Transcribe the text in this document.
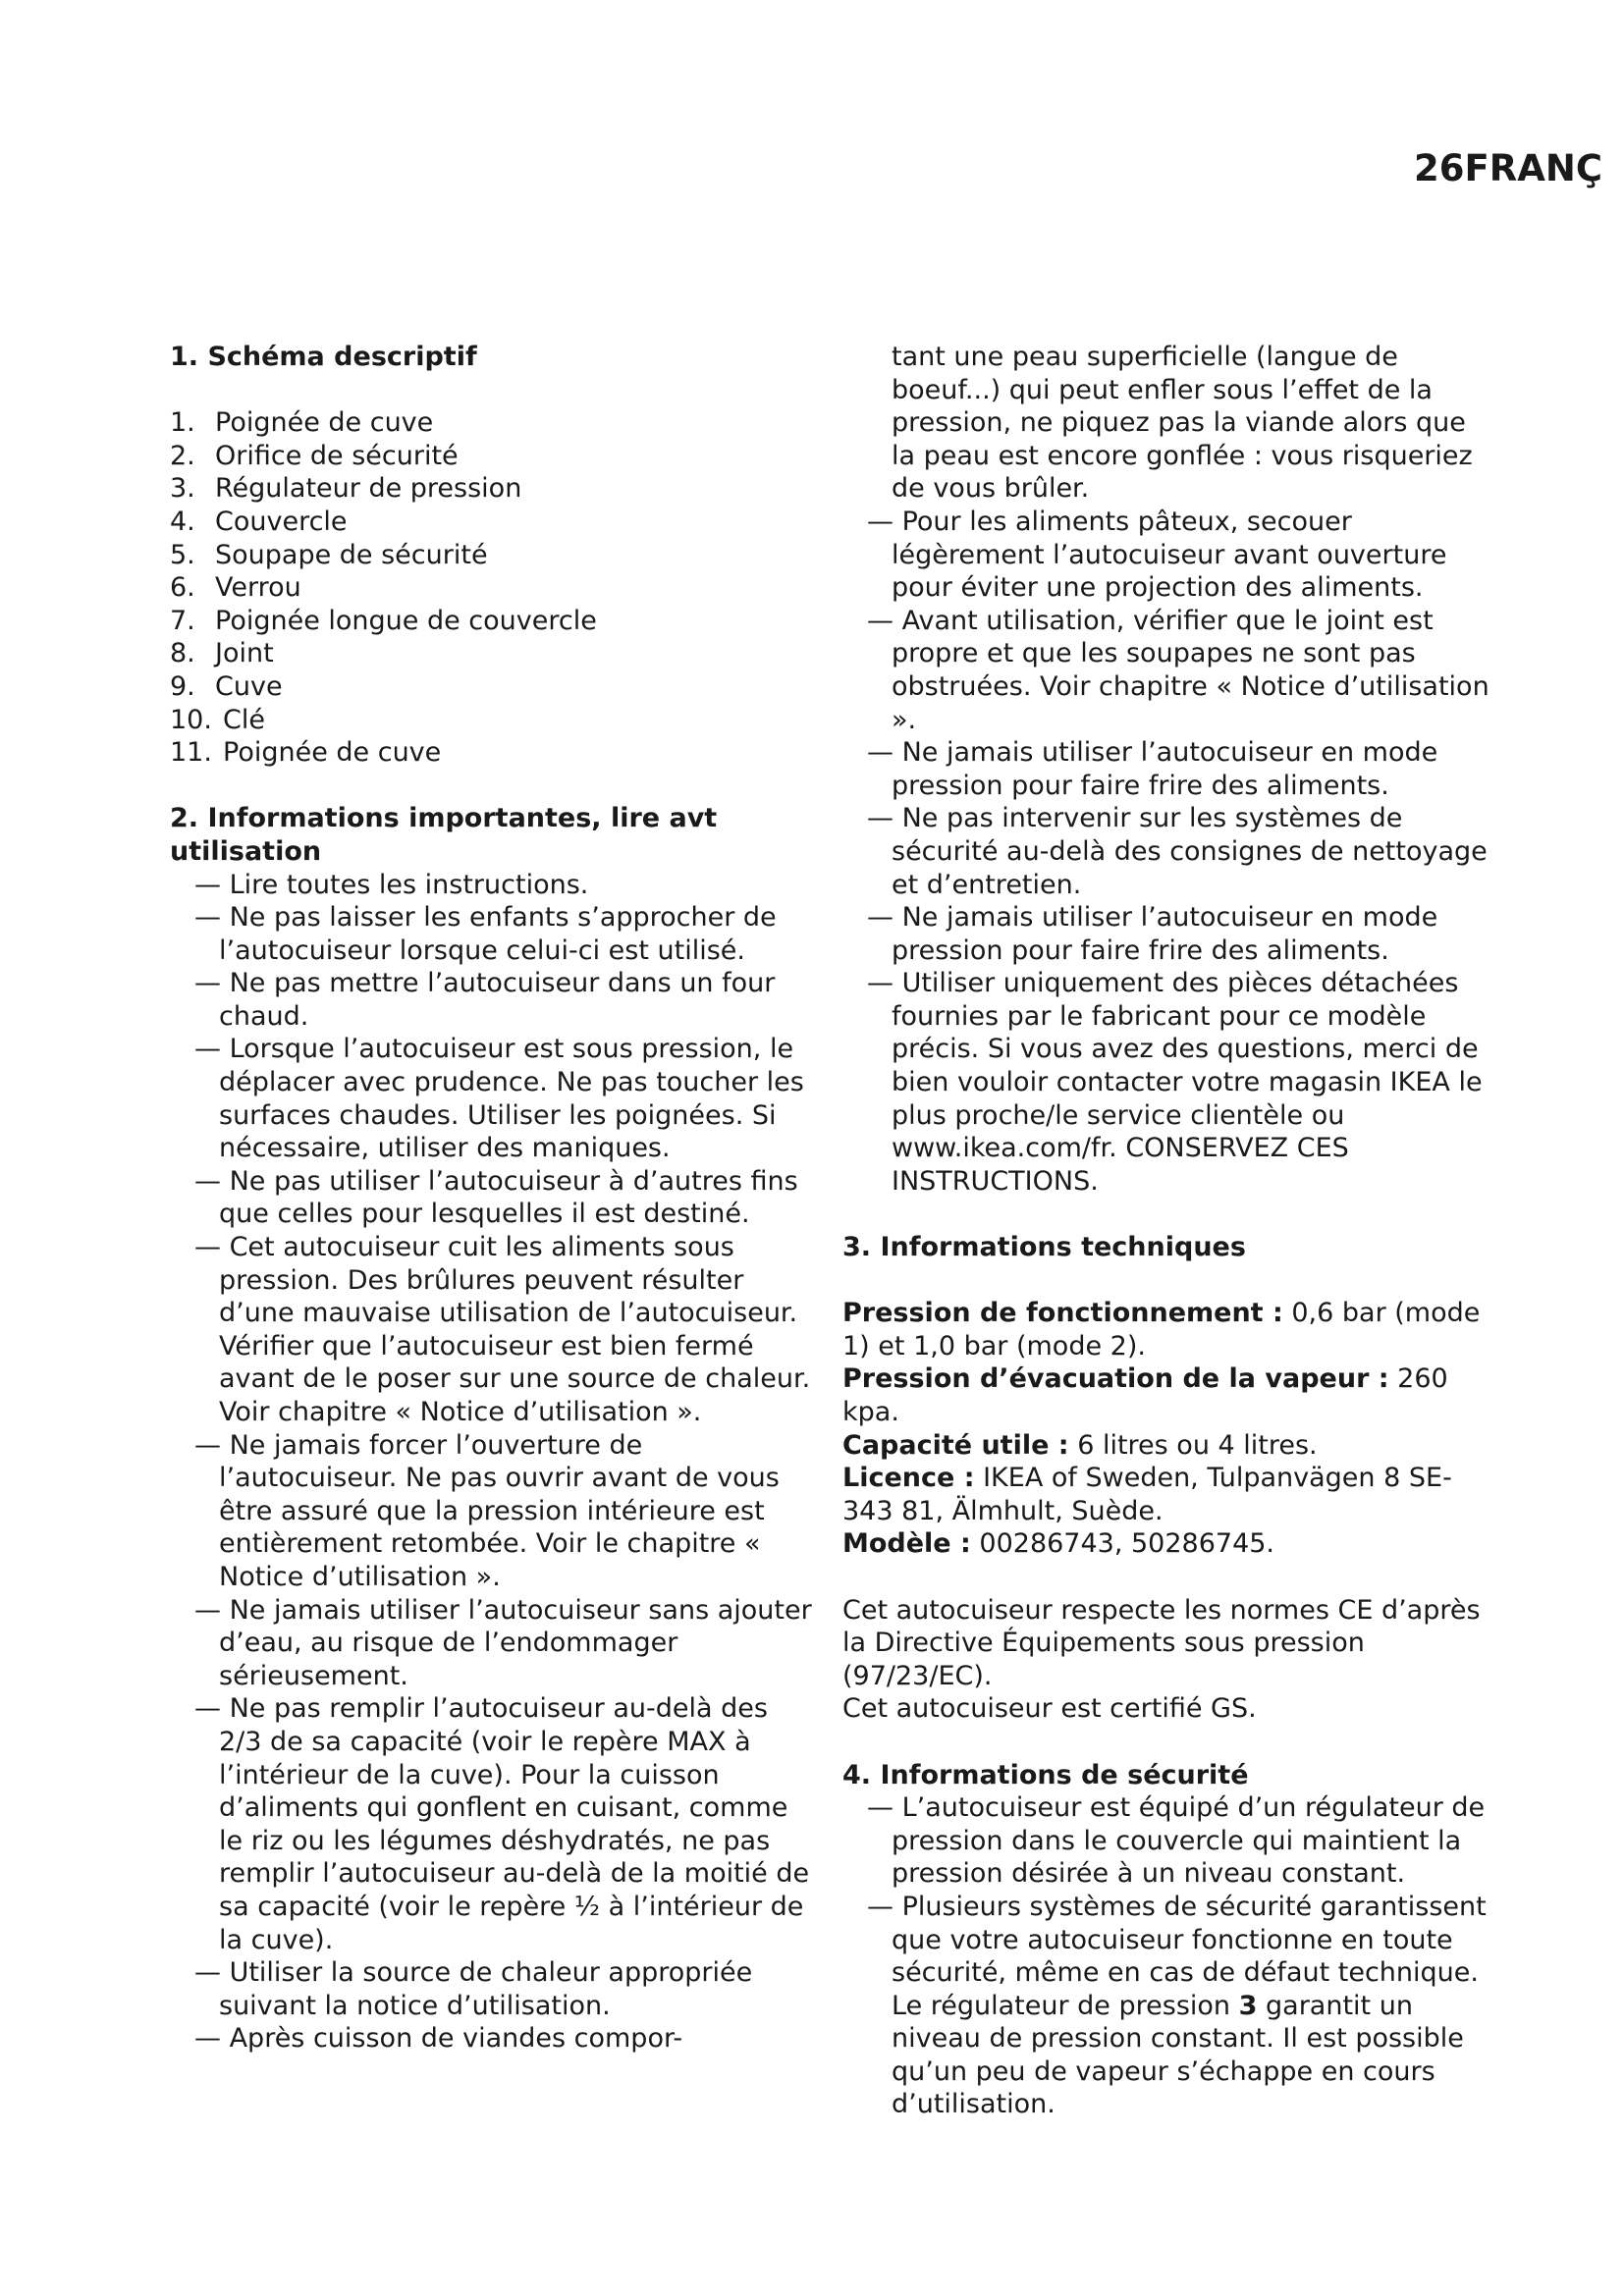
26FRANÇ
1. Schéma descriptif
1. Poignée de cuve
2. Orifice de sécurité
3. Régulateur de pression
4. Couvercle
5. Soupape de sécurité
6. Verrou
7. Poignée longue de couvercle
8. Joint
9. Cuve
10. Clé
11. Poignée de cuve
2. Informations importantes, lire avt
utilisation
— Lire toutes les instructions.
— Ne pas laisser les enfants s’approcher de l’autocuiseur lorsque celui-ci est utilisé.
— Ne pas mettre l’autocuiseur dans un four chaud.
— Lorsque l’autocuiseur est sous pression, le déplacer avec prudence. Ne pas toucher les surfaces chaudes. Utiliser les poignées. Si nécessaire, utiliser des maniques.
— Ne pas utiliser l’autocuiseur à d’autres fins que celles pour lesquelles il est destiné.
— Cet autocuiseur cuit les aliments sous pression. Des brûlures peuvent résulter d’une mauvaise utilisation de l’autocuiseur. Vérifier que l’autocuiseur est bien fermé avant de le poser sur une source de chaleur. Voir chapitre « Notice d’utilisation ».
— Ne jamais forcer l’ouverture de l’autocuiseur. Ne pas ouvrir avant de vous être assuré que la pression intérieure est entièrement retombée. Voir le chapitre « Notice d’utilisation ».
— Ne jamais utiliser l’autocuiseur sans ajouter d’eau, au risque de l’endommager sérieusement.
— Ne pas remplir l’autocuiseur au-delà des 2/3 de sa capacité (voir le repère MAX à l’intérieur de la cuve). Pour la cuisson d’aliments qui gonflent en cuisant, comme le riz ou les légumes déshydratés, ne pas remplir l’autocuiseur au-delà de la moitié de sa capacité (voir le repère ½ à l’intérieur de la cuve).
— Utiliser la source de chaleur appropriée suivant la notice d’utilisation.
— Après cuisson de viandes compor-

tant une peau superficielle (langue de boeuf...) qui peut enfler sous l’effet de la pression, ne piquez pas la viande alors que la peau est encore gonflée : vous risqueriez de vous brûler.

— Pour les aliments pâteux, secouer légèrement l’autocuiseur avant ouverture pour éviter une projection des aliments.
— Avant utilisation, vérifier que le joint est propre et que les soupapes ne sont pas obstruées. Voir chapitre « Notice d’utilisation ».
— Ne jamais utiliser l’autocuiseur en mode pression pour faire frire des aliments.
— Ne pas intervenir sur les systèmes de sécurité au-delà des consignes de nettoyage et d’entretien.
— Ne jamais utiliser l’autocuiseur en mode pression pour faire frire des aliments.
— Utiliser uniquement des pièces détachées fournies par le fabricant pour ce modèle précis. Si vous avez des questions, merci de bien vouloir contacter votre magasin IKEA le plus proche/le service clientèle ou www.ikea.com/fr. CONSERVEZ CES INSTRUCTIONS.
3. Informations techniques

Pression de fonctionnement : 0,6 bar (mode 1) et 1,0 bar (mode 2).

Pression d’évacuation de la vapeur : 260 kpa.

Capacité utile : 6 litres ou 4 litres.

Licence : IKEA of Sweden, Tulpanvägen 8 SE-343 81, Älmhult, Suède.

Modèle : 00286743, 50286745.

Cet autocuiseur respecte les normes CE d’après la Directive Équipements sous pression (97/23/EC).

Cet autocuiseur est certifié GS.

4. Informations de sécurité

— L’autocuiseur est équipé d’un régulateur de pression dans le couvercle qui maintient la pression désirée à un niveau constant.

— Plusieurs systèmes de sécurité garantissent que votre autocuiseur fonctionne en toute sécurité, même en cas de défaut technique. Le régulateur de pression 3 garantit un niveau de pression constant. Il est possible qu’un peu de vapeur s’échappe en cours d’utilisation.
